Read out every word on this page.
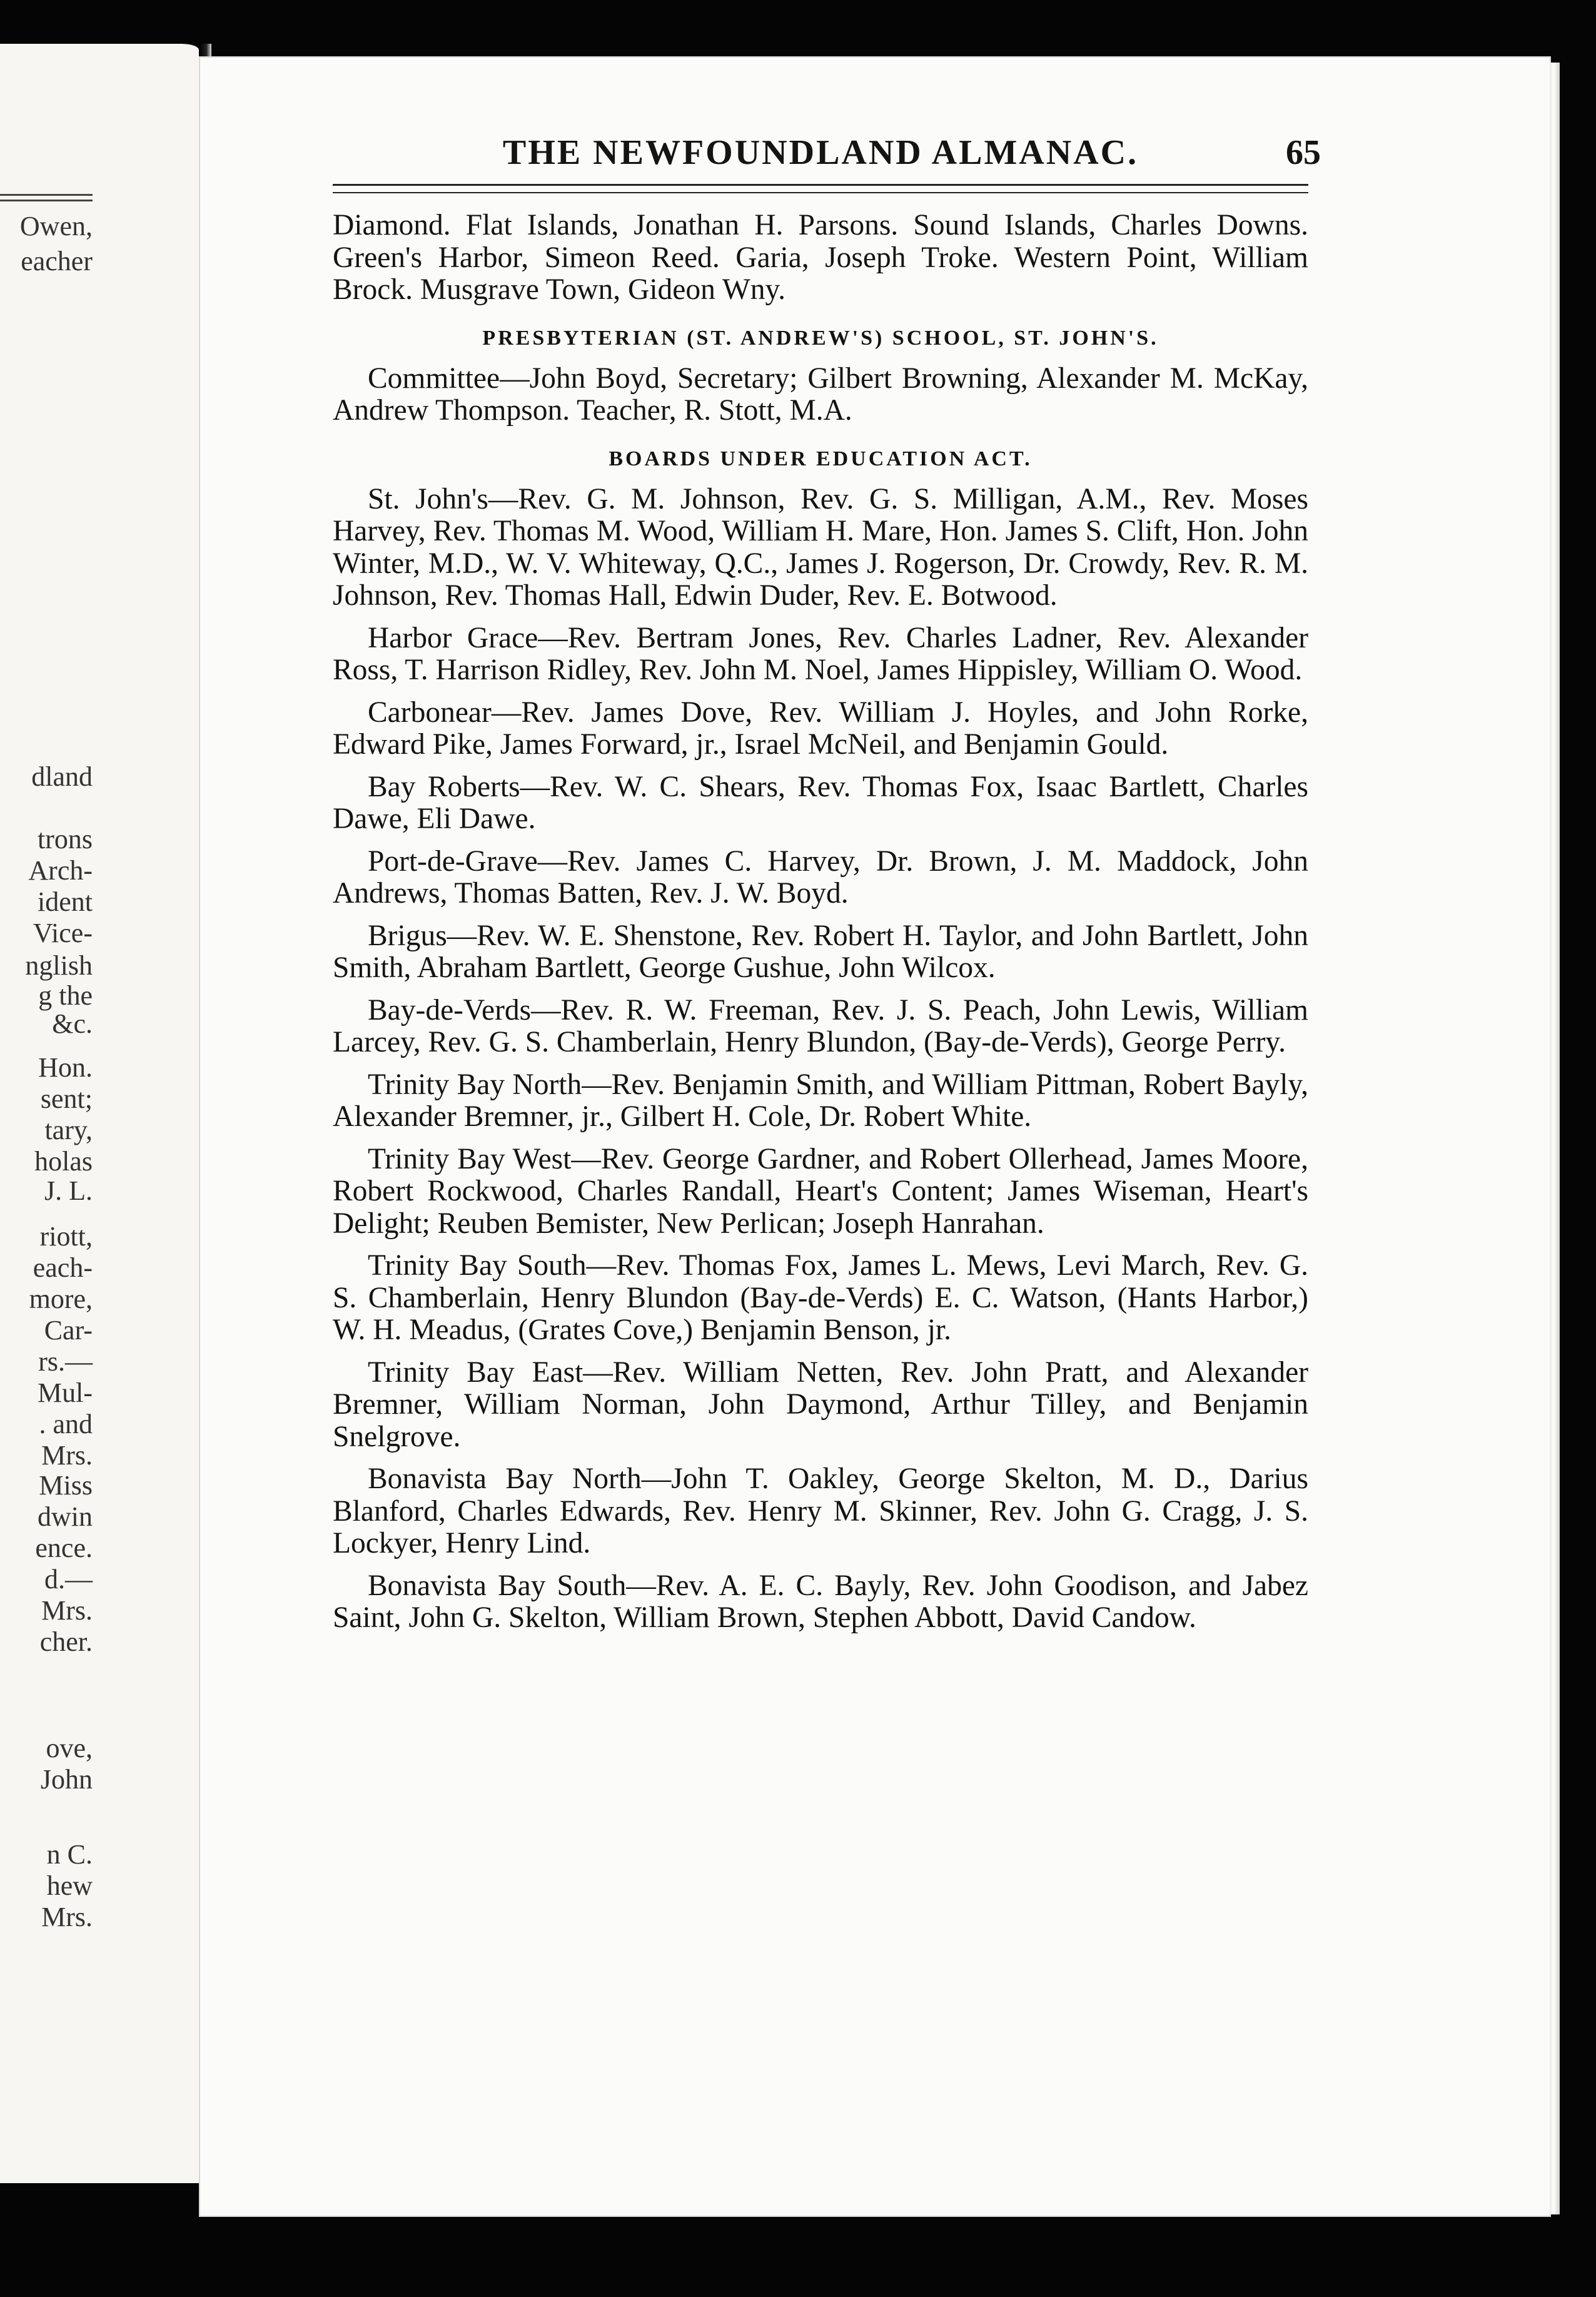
Owen,
eacher
dland
trons
Arch-
ident
Vice-
nglish
g the
&c.
Hon.
sent;
tary,
holas
J. L.
riott,
each-
more,
Car-
rs.—
Mul-
. and
Mrs.
Miss
dwin
ence.
d.—
Mrs.
cher.
ove,
John
n C.
hew
Mrs.
THE NEWFOUNDLAND ALMANAC.	65

Diamond. Flat Islands, Jonathan H. Parsons. Sound Islands, Charles Downs. Green's Harbor, Simeon Reed. Garia, Joseph Troke. Western Point, William Brock. Musgrave Town, Gideon Wny.

PRESBYTERIAN (ST. ANDREW'S) SCHOOL, ST. JOHN'S.

Committee—John Boyd, Secretary; Gilbert Browning, Alexander M. McKay, Andrew Thompson. Teacher, R. Stott, M.A.

BOARDS UNDER EDUCATION ACT.

St. John's—Rev. G. M. Johnson, Rev. G. S. Milligan, A.M., Rev. Moses Harvey, Rev. Thomas M. Wood, William H. Mare, Hon. James S. Clift, Hon. John Winter, M.D., W. V. Whiteway, Q.C., James J. Rogerson, Dr. Crowdy, Rev. R. M. Johnson, Rev. Thomas Hall, Edwin Duder, Rev. E. Botwood.

Harbor Grace—Rev. Bertram Jones, Rev. Charles Ladner, Rev. Alexander Ross, T. Harrison Ridley, Rev. John M. Noel, James Hippisley, William O. Wood.

Carbonear—Rev. James Dove, Rev. William J. Hoyles, and John Rorke, Edward Pike, James Forward, jr., Israel McNeil, and Benjamin Gould.

Bay Roberts—Rev. W. C. Shears, Rev. Thomas Fox, Isaac Bartlett, Charles Dawe, Eli Dawe.

Port-de-Grave—Rev. James C. Harvey, Dr. Brown, J. M. Maddock, John Andrews, Thomas Batten, Rev. J. W. Boyd.

Brigus—Rev. W. E. Shenstone, Rev. Robert H. Taylor, and John Bartlett, John Smith, Abraham Bartlett, George Gushue, John Wilcox.

Bay-de-Verds—Rev. R. W. Freeman, Rev. J. S. Peach, John Lewis, William Larcey, Rev. G. S. Chamberlain, Henry Blundon, (Bay-de-Verds), George Perry.

Trinity Bay North—Rev. Benjamin Smith, and William Pittman, Robert Bayly, Alexander Bremner, jr., Gilbert H. Cole, Dr. Robert White.

Trinity Bay West—Rev. George Gardner, and Robert Ollerhead, James Moore, Robert Rockwood, Charles Randall, Heart's Content; James Wiseman, Heart's Delight; Reuben Bemister, New Perlican; Joseph Hanrahan.

Trinity Bay South—Rev. Thomas Fox, James L. Mews, Levi March, Rev. G. S. Chamberlain, Henry Blundon (Bay-de-Verds) E. C. Watson, (Hants Harbor,) W. H. Meadus, (Grates Cove,) Benjamin Benson, jr.

Trinity Bay East—Rev. William Netten, Rev. John Pratt, and Alexander Bremner, William Norman, John Daymond, Arthur Tilley, and Benjamin Snelgrove.

Bonavista Bay North—John T. Oakley, George Skelton, M. D., Darius Blanford, Charles Edwards, Rev. Henry M. Skinner, Rev. John G. Cragg, J. S. Lockyer, Henry Lind.

Bonavista Bay South—Rev. A. E. C. Bayly, Rev. John Goodison, and Jabez Saint, John G. Skelton, William Brown, Stephen Abbott, David Candow.
